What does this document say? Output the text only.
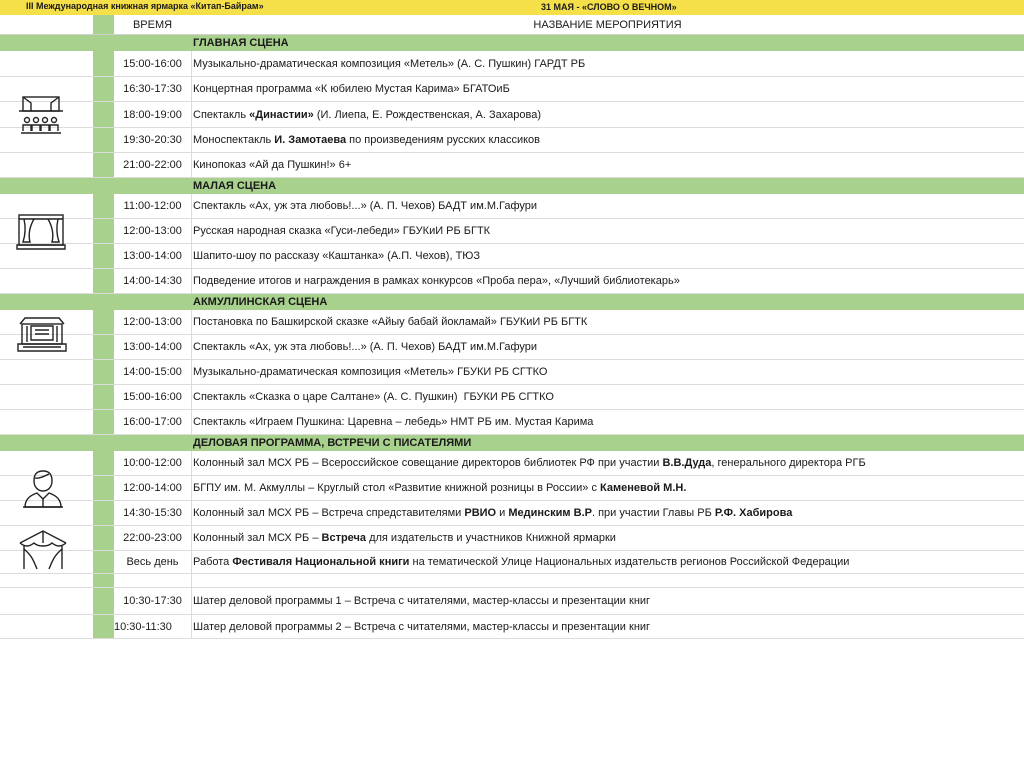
III Международная книжная ярмарка «Китап-Байрам»	31 МАЯ - «СЛОВО О ВЕЧНОМ»
ВРЕМЯ	НАЗВАНИЕ МЕРОПРИЯТИЯ
ГЛАВНАЯ СЦЕНА
15:00-16:00	Музыкально-драматическая композиция «Метель» (А. С. Пушкин) ГАРДТ РБ
16:30-17:30	Концертная программа «К юбилею Мустая Карима» БГАТОиБ
18:00-19:00	Спектакль «Династии» (И. Лиепа, Е. Рождественская, А. Захарова)
19:30-20:30	Моноспектакль И. Замотаева по произведениям русских классиков
21:00-22:00	Кинопоказ «Ай да Пушкин!» 6+
МАЛАЯ СЦЕНА
11:00-12:00	Спектакль «Ах, уж эта любовь!...» (А. П. Чехов) БАДТ им.М.Гафури
12:00-13:00	Русская народная сказка «Гуси-лебеди» ГБУКиИ РБ БГТК
13:00-14:00	Шапито-шоу по рассказу «Каштанка» (А.П. Чехов), ТЮЗ
14:00-14:30	Подведение итогов и награждения в рамках конкурсов «Проба пера», «Лучший библиотекарь»
АКМУЛЛИНСКАЯ СЦЕНА
12:00-13:00	Постановка по Башкирской сказке «Айыу бабай йокламай» ГБУКиИ РБ БГТК
13:00-14:00	Спектакль «Ах, уж эта любовь!...» (А. П. Чехов) БАДТ им.М.Гафури
14:00-15:00	Музыкально-драматическая композиция «Метель» ГБУКИ РБ СГТКО
15:00-16:00	Спектакль «Сказка о царе Салтане» (А. С. Пушкин)  ГБУКИ РБ СГТКО
16:00-17:00	Спектакль «Играем Пушкина: Царевна – лебедь» НМТ РБ им. Мустая Карима
ДЕЛОВАЯ ПРОГРАММА, ВСТРЕЧИ С ПИСАТЕЛЯМИ
10:00-12:00	Колонный зал МСХ РБ – Всероссийское совещание директоров библиотек РФ при участии В.В.Дуда , генерального директора РГБ
12:00-14:00	БГПУ им. М. Акмуллы – Круглый стол «Развитие книжной розницы в России» с Каменевой М.Н.
14:30-15:30	Колонный зал МСХ РБ – Встреча спредставителями РВИО и Мединским В.Р . при участии Главы РБ Р.Ф. Хабирова
22:00-23:00	Колонный зал МСХ РБ – Встреча для издательств и участников Книжной ярмарки
Весь день	Работа Фестиваля Национальной книги на тематической Улице Национальных издательств регионов Российской Федерации
10:30-17:30	Шатер деловой программы 1 – Встреча с читателями, мастер-классы и презентации книг
10:30-11:30	Шатер деловой программы 2 – Встреча с читателями, мастер-классы и презентации книг
